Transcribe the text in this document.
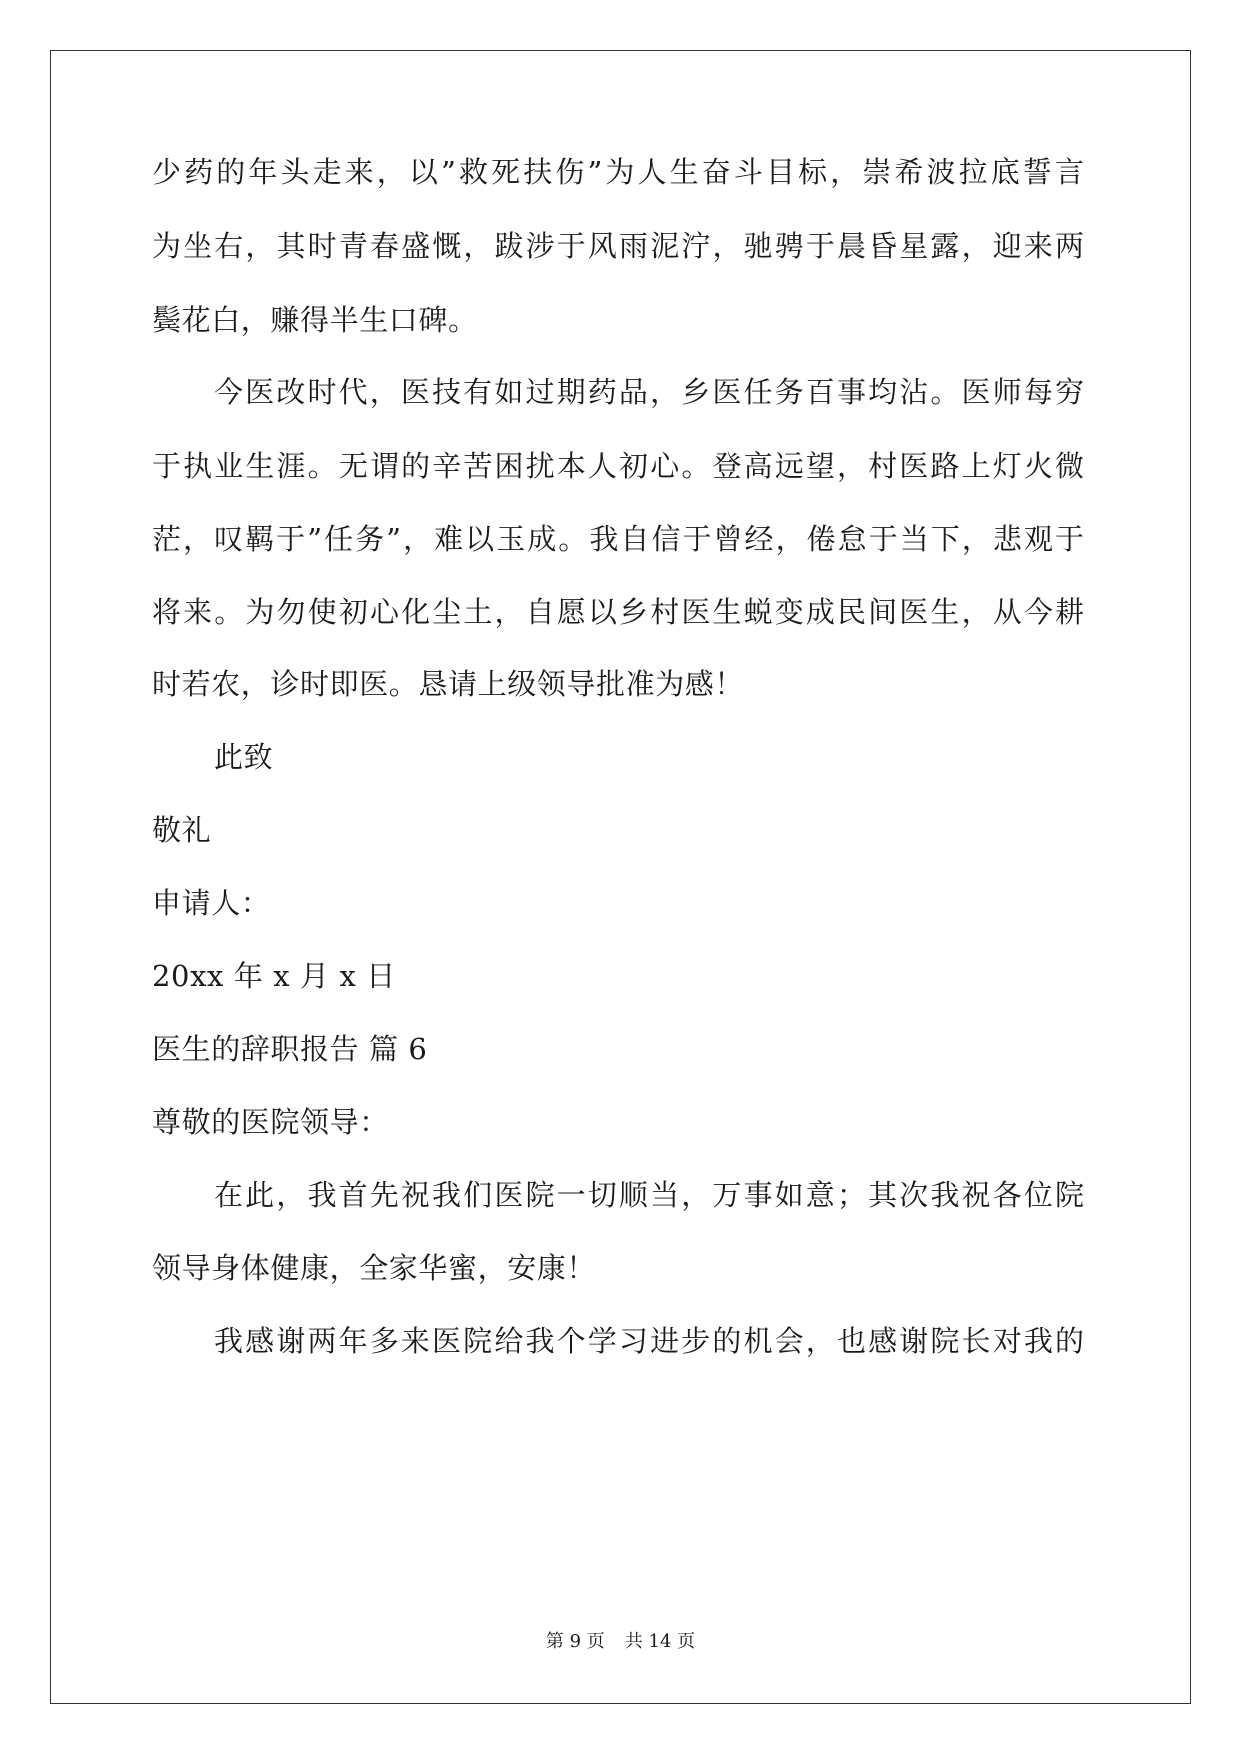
少药的年头走来，以”救死扶伤”为人生奋斗目标，崇希波拉底誓言

为坐右，其时青春盛慨，跋涉于风雨泥泞，驰骋于晨昏星露，迎来两

鬓花白，赚得半生口碑。

今医改时代，医技有如过期药品，乡医任务百事均沾。医师每穷

于执业生涯。无谓的辛苦困扰本人初心。登高远望，村医路上灯火微

茫，叹羁于”任务”，难以玉成。我自信于曾经，倦怠于当下，悲观于

将来。为勿使初心化尘土，自愿以乡村医生蜕变成民间医生，从今耕

时若农，诊时即医。恳请上级领导批准为感！

此致

敬礼

申请人：

20xx 年 x 月 x 日

医生的辞职报告 篇 6

尊敬的医院领导：

在此，我首先祝我们医院一切顺当，万事如意；其次我祝各位院

领导身体健康，全家华蜜，安康！

我感谢两年多来医院给我个学习进步的机会，也感谢院长对我的

第 9 页 共 14 页
